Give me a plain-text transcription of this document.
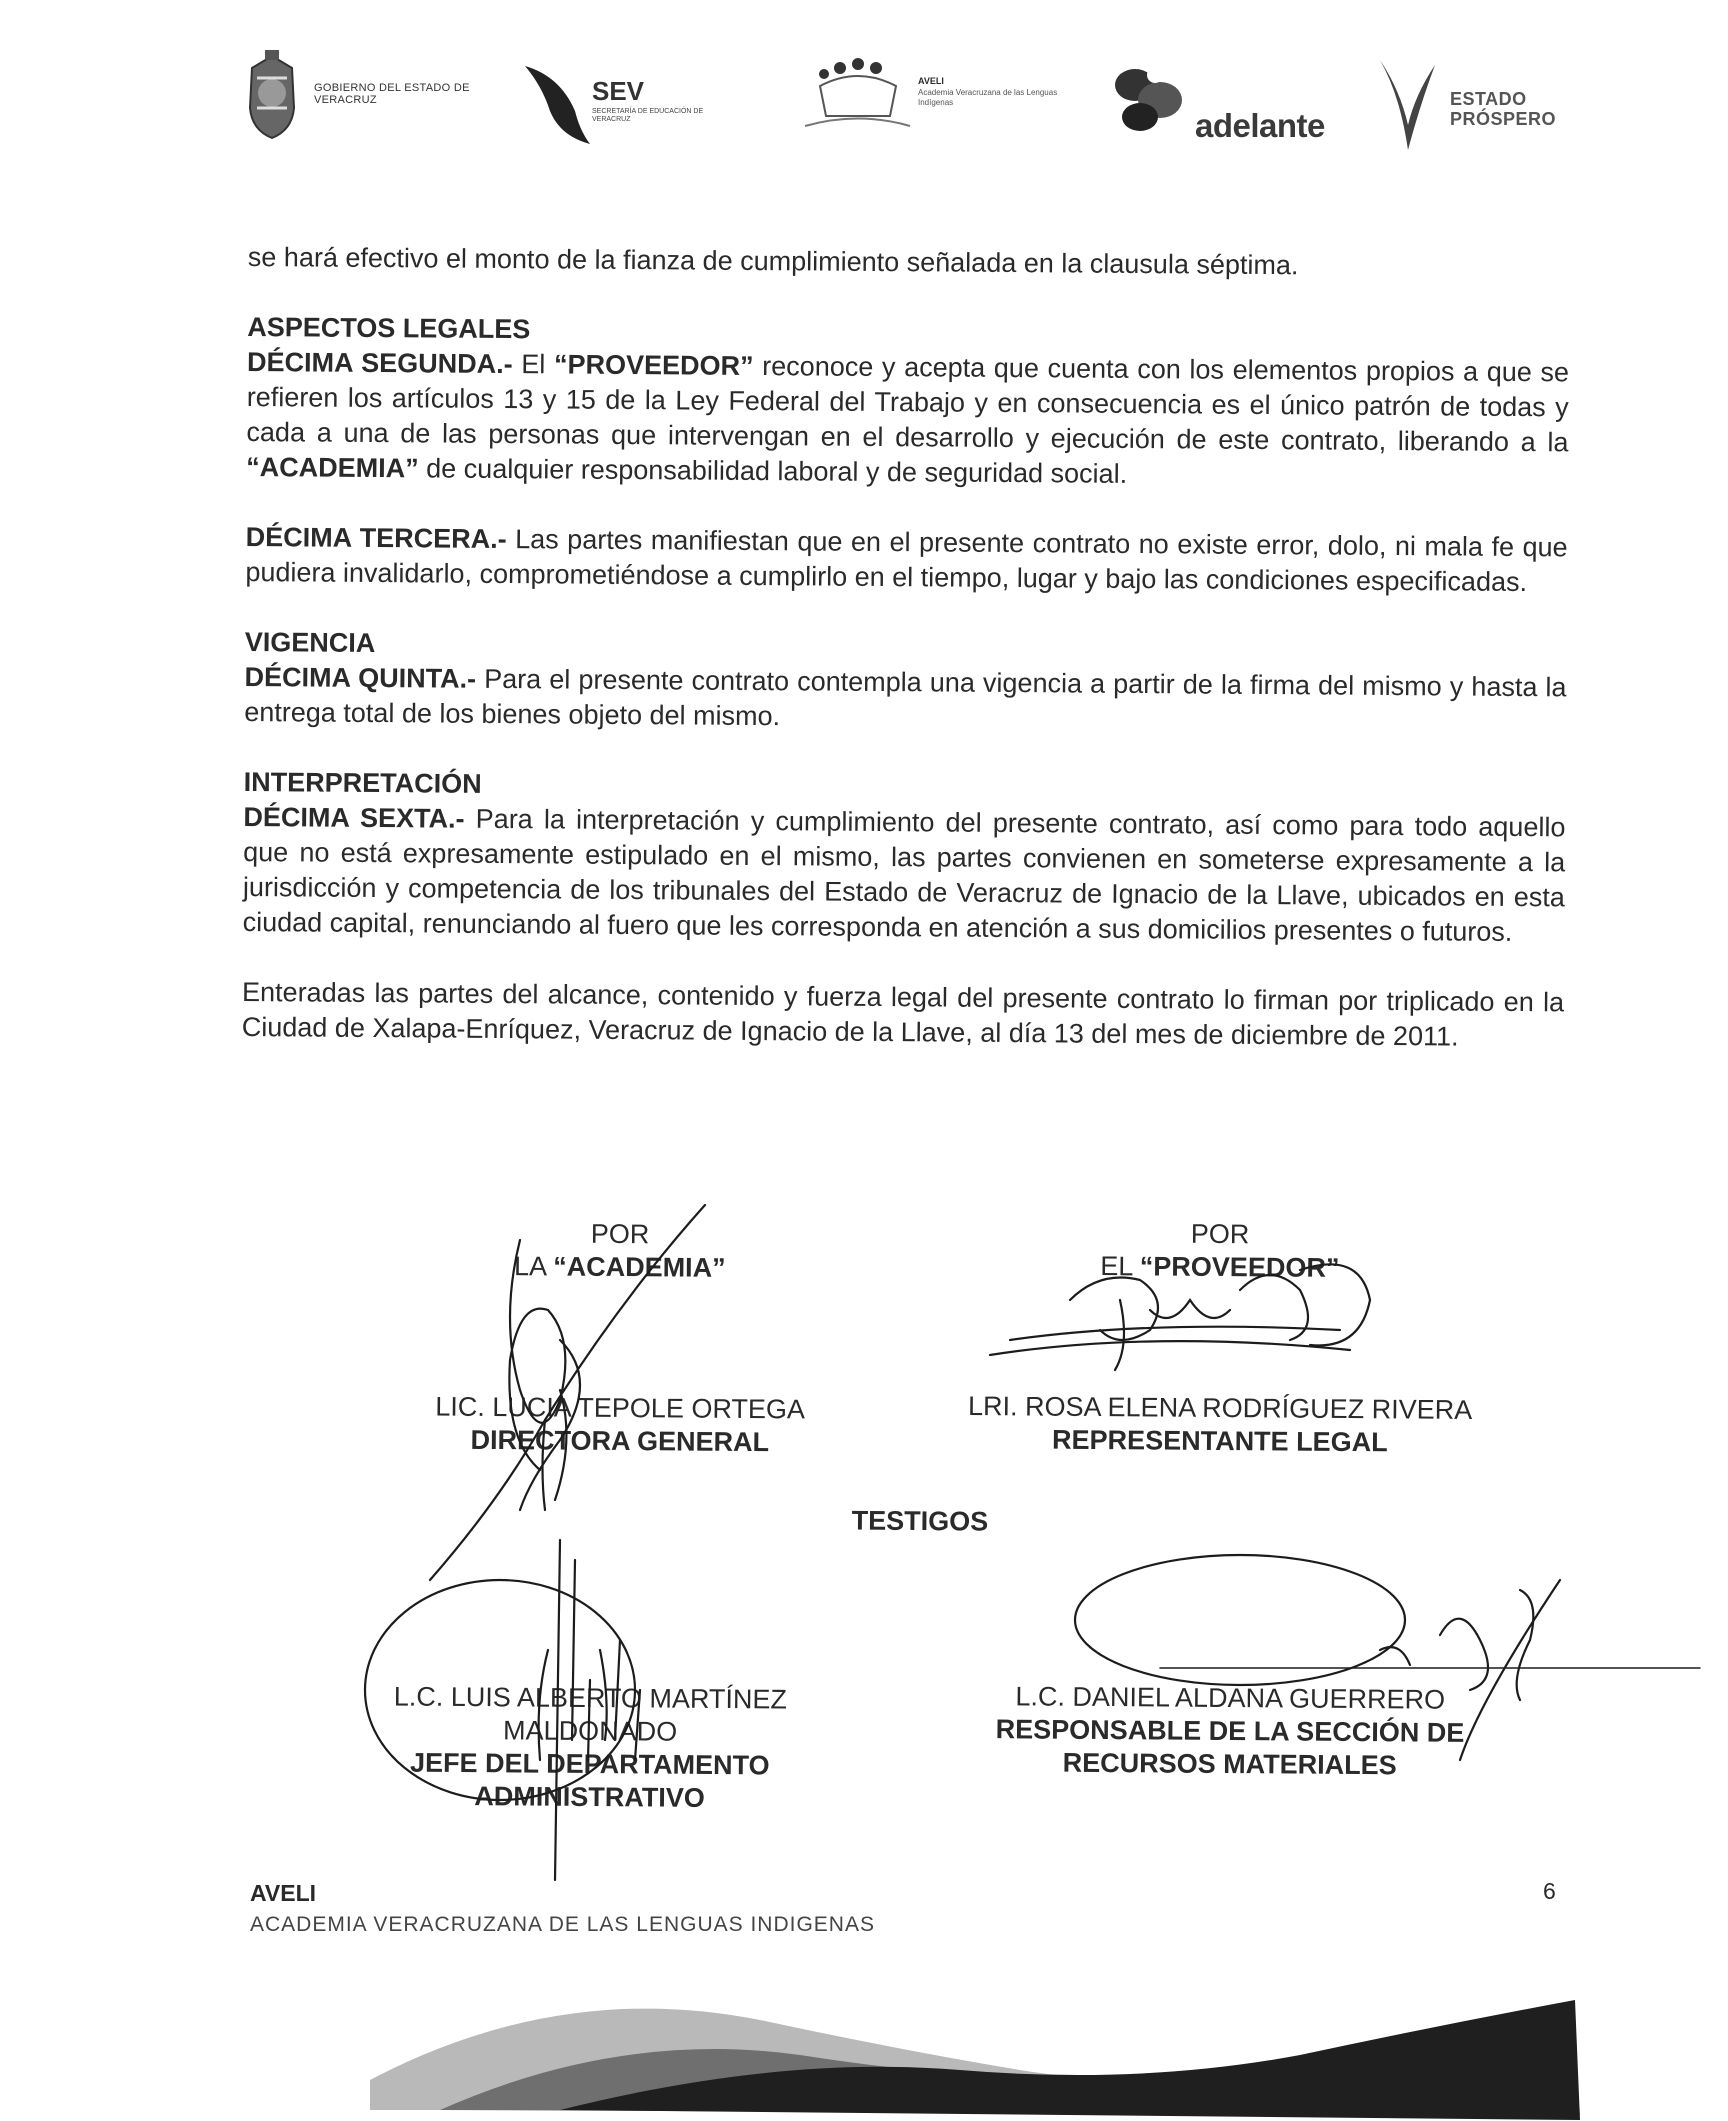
GOBIERNO DEL ESTADO DE VERACRUZ	SEV
SECRETARÍA DE EDUCACIÓN DE VERACRUZ
AVELI
Academia Veracruzana de las Lenguas Indígenas
adelante
ESTADO
PRÓSPERO

se hará efectivo el monto de la fianza de cumplimiento señalada en la clausula séptima.

ASPECTOS LEGALES

DÉCIMA SEGUNDA.- El “PROVEEDOR” reconoce y acepta que cuenta con los elementos propios a que se refieren los artículos 13 y 15 de la Ley Federal del Trabajo y en consecuencia es el único patrón de todas y cada a una de las personas que intervengan en el desarrollo y ejecución de este contrato, liberando a la “ACADEMIA” de cualquier responsabilidad laboral y de seguridad social.

DÉCIMA TERCERA.- Las partes manifiestan que en el presente contrato no existe error, dolo, ni mala fe que pudiera invalidarlo, comprometiéndose a cumplirlo en el tiempo, lugar y bajo las condiciones especificadas.

VIGENCIA

DÉCIMA QUINTA.- Para el presente contrato contempla una vigencia a partir de la firma del mismo y hasta la entrega total de los bienes objeto del mismo.

INTERPRETACIÓN

DÉCIMA SEXTA.- Para la interpretación y cumplimiento del presente contrato, así como para todo aquello que no está expresamente estipulado en el mismo, las partes convienen en someterse expresamente a la jurisdicción y competencia de los tribunales del Estado de Veracruz de Ignacio de la Llave, ubicados en esta ciudad capital, renunciando al fuero que les corresponda en atención a sus domicilios presentes o futuros.

Enteradas las partes del alcance, contenido y fuerza legal del presente contrato lo firman por triplicado en la Ciudad de Xalapa-Enríquez, Veracruz de Ignacio de la Llave, al día 13 del mes de diciembre de 2011.

POR
LA “ACADEMIA”
POR
EL “PROVEEDOR”
LIC. LUCIA TEPOLE ORTEGA
DIRECTORA GENERAL
LRI. ROSA ELENA RODRÍGUEZ RIVERA
REPRESENTANTE LEGAL
TESTIGOS
L.C. LUIS ALBERTO MARTÍNEZ MALDONADO
JEFE DEL DEPARTAMENTO ADMINISTRATIVO
L.C. DANIEL ALDANA GUERRERO
RESPONSABLE DE LA SECCIÓN DE RECURSOS MATERIALES
AVELI
ACADEMIA VERACRUZANA DE LAS LENGUAS INDIGENAS
6
